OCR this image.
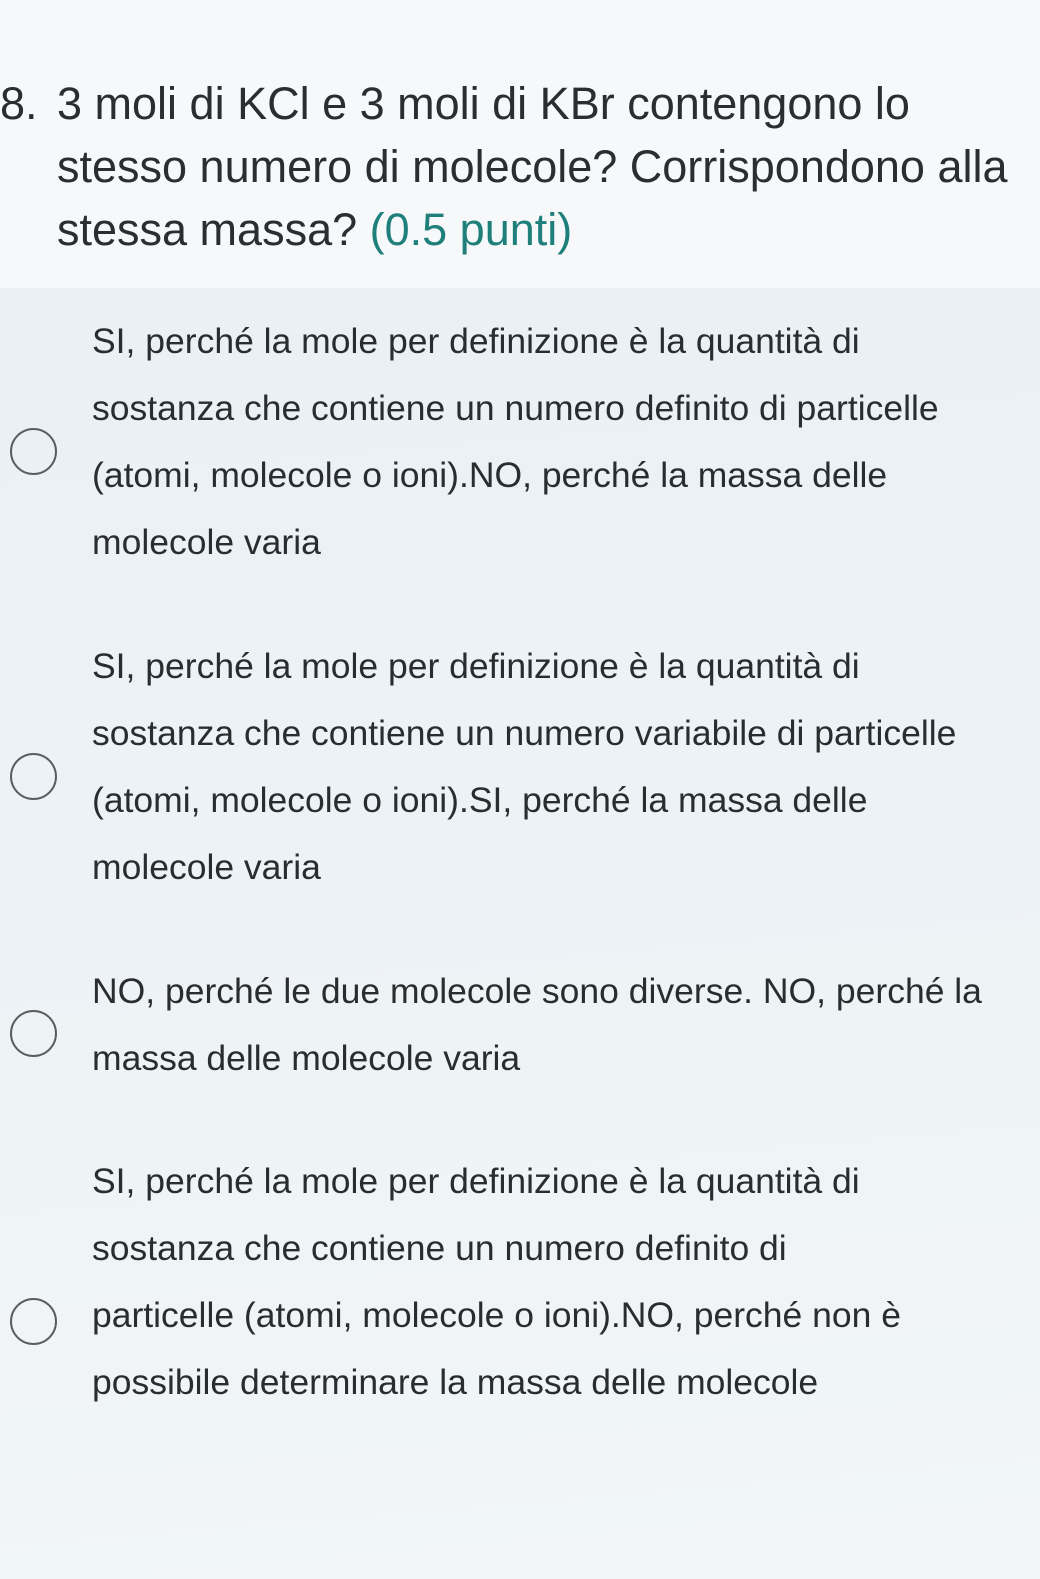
8. 3 moli di KCl e 3 moli di KBr contengono lo stesso numero di molecole? Corrispondono alla stessa massa? (0.5 punti)
SI, perché la mole per definizione è la quantità di sostanza che contiene un numero definito di particelle (atomi, molecole o ioni).NO, perché la massa delle molecole varia
SI, perché la mole per definizione è la quantità di sostanza che contiene un numero variabile di particelle (atomi, molecole o ioni).SI, perché la massa delle molecole varia
NO, perché le due molecole sono diverse. NO, perché la massa delle molecole varia
SI, perché la mole per definizione è la quantità di sostanza che contiene un numero definito di particelle (atomi, molecole o ioni).NO, perché non è possibile determinare la massa delle molecole
